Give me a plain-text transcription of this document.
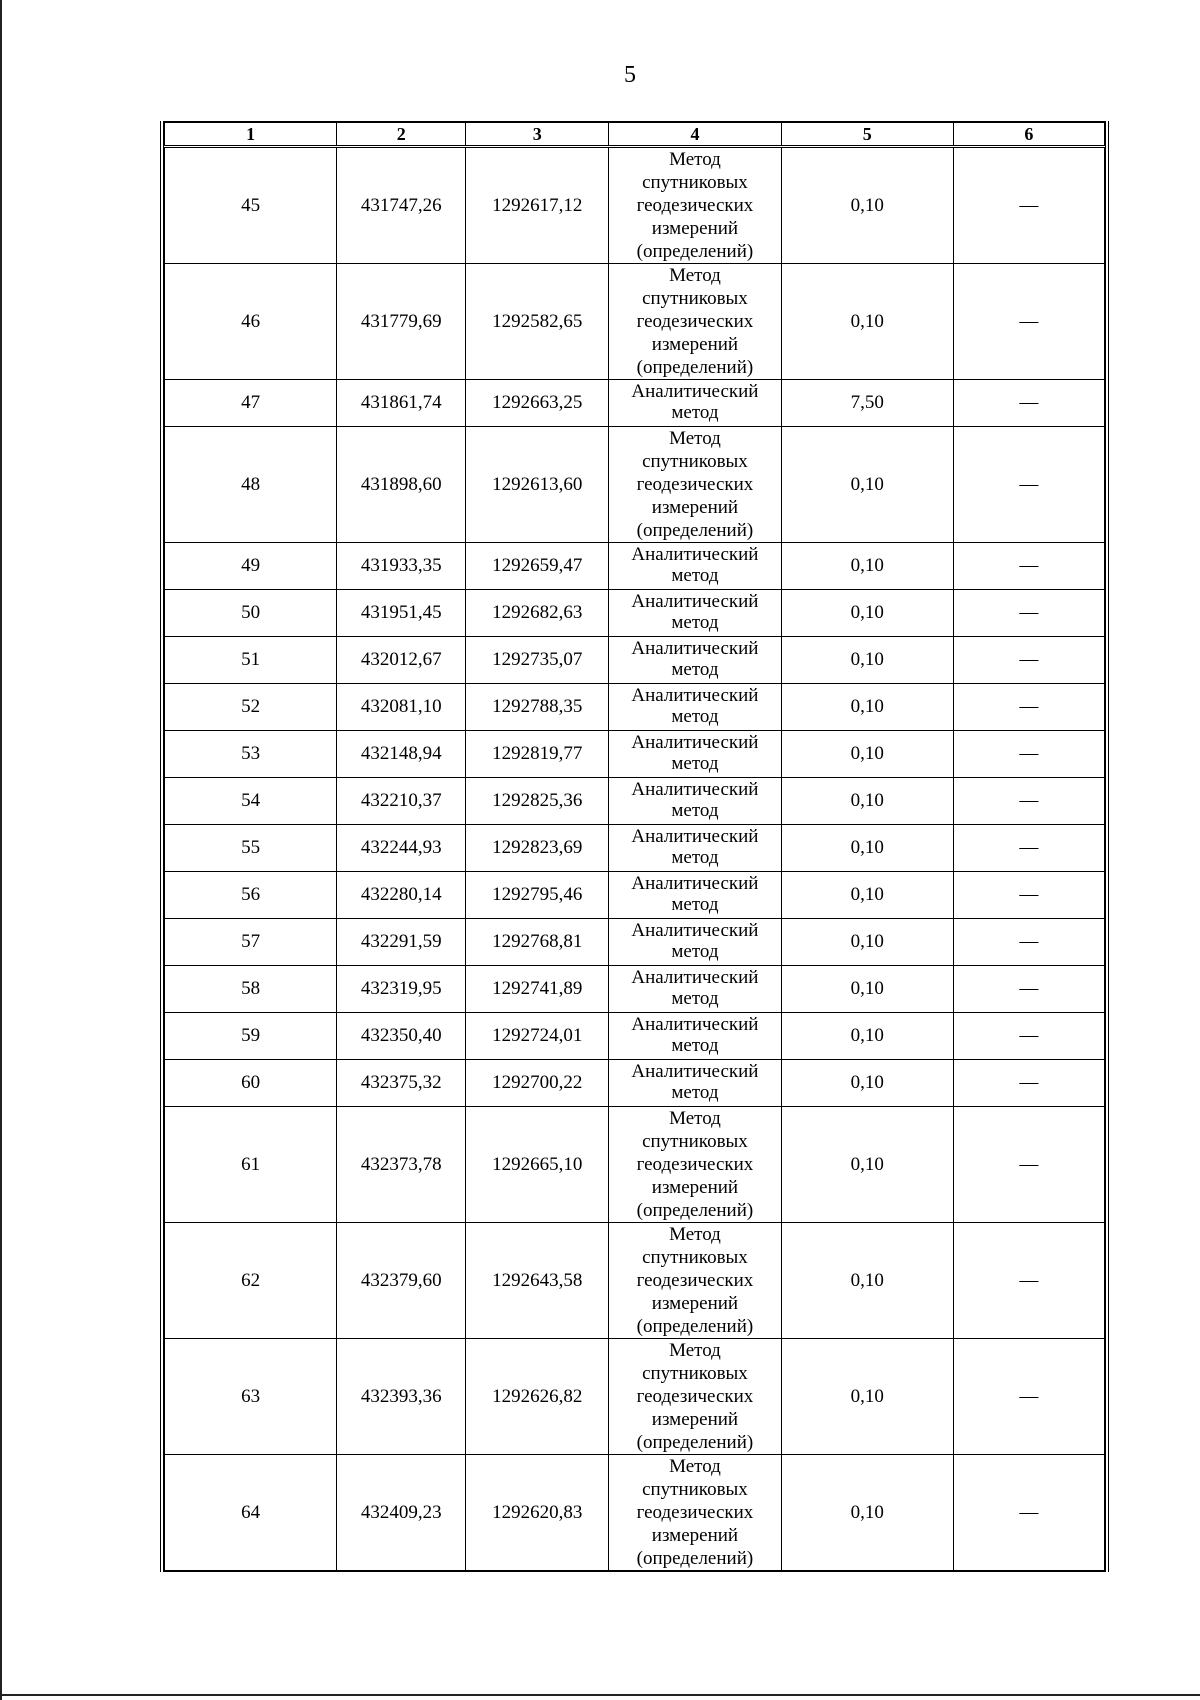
5
1	2	3	4	5	6
45	431747,26	1292617,12	Метод
спутниковых
геодезических
измерений
(определений)	0,10	—
46	431779,69	1292582,65	Метод
спутниковых
геодезических
измерений
(определений)	0,10	—
47	431861,74	1292663,25	Аналитический
метод	7,50	—
48	431898,60	1292613,60	Метод
спутниковых
геодезических
измерений
(определений)	0,10	—
49	431933,35	1292659,47	Аналитический
метод	0,10	—
50	431951,45	1292682,63	Аналитический
метод	0,10	—
51	432012,67	1292735,07	Аналитический
метод	0,10	—
52	432081,10	1292788,35	Аналитический
метод	0,10	—
53	432148,94	1292819,77	Аналитический
метод	0,10	—
54	432210,37	1292825,36	Аналитический
метод	0,10	—
55	432244,93	1292823,69	Аналитический
метод	0,10	—
56	432280,14	1292795,46	Аналитический
метод	0,10	—
57	432291,59	1292768,81	Аналитический
метод	0,10	—
58	432319,95	1292741,89	Аналитический
метод	0,10	—
59	432350,40	1292724,01	Аналитический
метод	0,10	—
60	432375,32	1292700,22	Аналитический
метод	0,10	—
61	432373,78	1292665,10	Метод
спутниковых
геодезических
измерений
(определений)	0,10	—
62	432379,60	1292643,58	Метод
спутниковых
геодезических
измерений
(определений)	0,10	—
63	432393,36	1292626,82	Метод
спутниковых
геодезических
измерений
(определений)	0,10	—
64	432409,23	1292620,83	Метод
спутниковых
геодезических
измерений
(определений)	0,10	—
